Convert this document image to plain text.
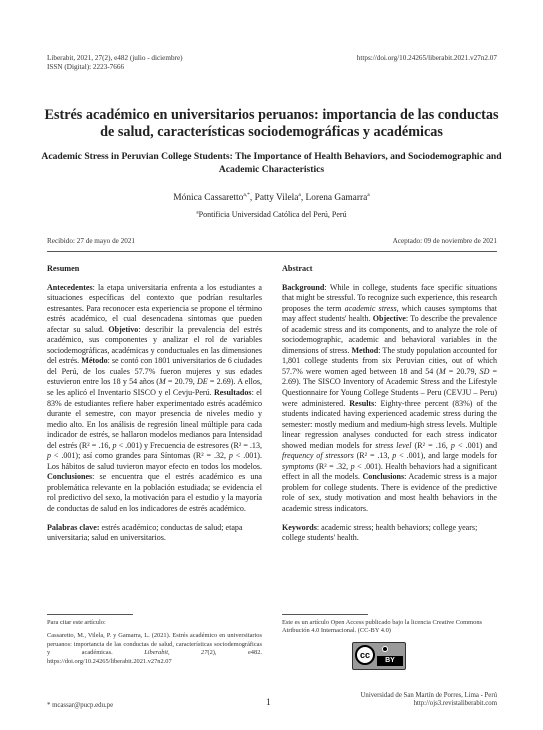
Liberabit, 2021, 27(2), e482 (julio - diciembre)
ISSN (Digital): 2223-7666
https://doi.org/10.24265/liberabit.2021.v27n2.07
Estrés académico en universitarios peruanos: importancia de las conductas de salud, características sociodemográficas y académicas
Academic Stress in Peruvian College Students: The Importance of Health Behaviors, and Sociodemographic and Academic Characteristics
Mónica Cassaretto$^{a,*}$, Patty Vilela$^a$, Lorena Gamarra$^a$
$^a$Pontificia Universidad Católica del Perú, Perú
Recibido: 27 de mayo de 2021	Aceptado: 09 de noviembre de 2021
Resumen

Antecedentes: la etapa universitaria enfrenta a los estudiantes a situaciones específicas del contexto que podrían resultarles estresantes. Para reconocer esta experiencia se propone el término estrés académico, el cual desencadena síntomas que pueden afectar su salud. Objetivo: describir la prevalencia del estrés académico, sus componentes y analizar el rol de variables sociodemográficas, académicas y conductuales en las dimensiones del estrés. Método: se contó con 1801 universitarios de 6 ciudades del Perú, de los cuales 57.7% fueron mujeres y sus edades estuvieron entre los 18 y 54 años (M = 20.79, DE = 2.69). A ellos, se les aplicó el Inventario SISCO y el Cevju-Perú. Resultados: el 83% de estudiantes refiere haber experimentado estrés académico durante el semestre, con mayor presencia de niveles medio y medio alto. En los análisis de regresión lineal múltiple para cada indicador de estrés, se hallaron modelos medianos para Intensidad del estrés (R² = .16, p < .001) y Frecuencia de estresores (R² = .13, p < .001); así como grandes para Síntomas (R² = .32, p < .001). Los hábitos de salud tuvieron mayor efecto en todos los modelos. Conclusiones: se encuentra que el estrés académico es una problemática relevante en la población estudiada; se evidencia el rol predictivo del sexo, la motivación para el estudio y la mayoría de conductas de salud en los indicadores de estrés académico.

Palabras clave: estrés académico; conductas de salud; etapa universitaria; salud en universitarios.

Abstract

Background: While in college, students face specific situations that might be stressful. To recognize such experience, this research proposes the term academic stress, which causes symptoms that may affect students' health. Objective: To describe the prevalence of academic stress and its components, and to analyze the role of sociodemographic, academic and behavioral variables in the dimensions of stress. Method: The study population accounted for 1,801 college students from six Peruvian cities, out of which 57.7% were women aged between 18 and 54 (M = 20.79, SD = 2.69). The SISCO Inventory of Academic Stress and the Lifestyle Questionnaire for Young College Students – Peru (CEVJU – Peru) were administered. Results: Eighty-three percent (83%) of the students indicated having experienced academic stress during the semester: mostly medium and medium-high stress levels. Multiple linear regression analyses conducted for each stress indicator showed median models for stress level (R² = .16, p < .001) and frequency of stressors (R² = .13, p < .001), and large models for symptoms (R² = .32, p < .001). Health behaviors had a significant effect in all the models. Conclusions: Academic stress is a major problem for college students. There is evidence of the predictive role of sex, study motivation and most health behaviors in the academic stress indicators.

Keywords: academic stress; health behaviors; college years; college students' health.

Para citar este artículo:
Cassaretto, M., Vilela, P. y Gamarra, L. (2021). Estrés académico en universitarios peruanos: importancia de las conductas de salud, características sociodemográficas y académicas. Liberabit, 27(2), e482. https://doi.org/10.24265/liberabit.2021.v27n2.07
Este es un artículo Open Access publicado bajo la licencia Creative Commons Atribución 4.0 Internacional. (CC-BY 4.0)
cc
BY
* mcassar@pucp.edu.pe	1
Universidad de San Martín de Porres, Lima - Perú
http://ojs3.revistaliberabit.com
